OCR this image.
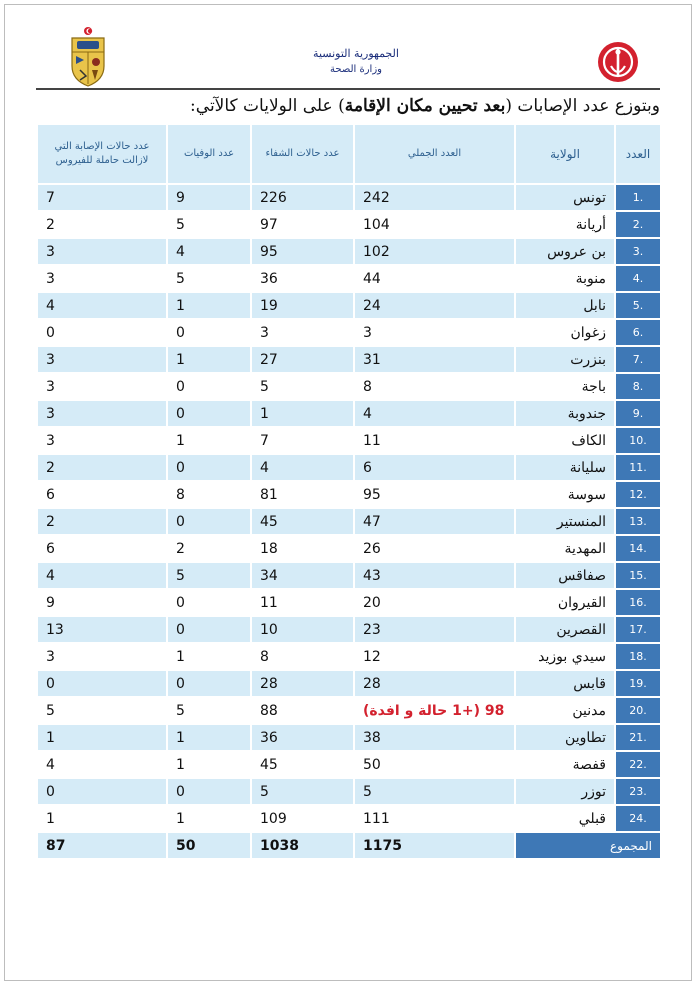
الجمهورية التونسية
وزارة الصحة
وبتوزع عدد الإصابات (بعد تحيين مكان الإقامة) على الولايات كالآتي:
العدد	الولاية	العدد الجملي	عدد حالات الشفاء	عدد الوفيات	عدد حالات الإصابة التي لازالت حاملة للفيروس
1.	تونس	242	226	9	7
2.	أريانة	104	97	5	2
3.	بن عروس	102	95	4	3
4.	منوبة	44	36	5	3
5.	نابل	24	19	1	4
6.	زغوان	3	3	0	0
7.	بنزرت	31	27	1	3
8.	باجة	8	5	0	3
9.	جندوبة	4	1	0	3
10.	الكاف	11	7	1	3
11.	سليانة	6	4	0	2
12.	سوسة	95	81	8	6
13.	المنستير	47	45	0	2
14.	المهدية	26	18	2	6
15.	صفاقس	43	34	5	4
16.	القيروان	20	11	0	9
17.	القصرين	23	10	0	13
18.	سيدي بوزيد	12	8	1	3
19.	قابس	28	28	0	0
20.	مدنين	98 (+1 حالة و افدة)	88	5	5
21.	تطاوين	38	36	1	1
22.	قفصة	50	45	1	4
23.	توزر	5	5	0	0
24.	قبلي	111	109	1	1
المجموع		1175	1038	50	87
